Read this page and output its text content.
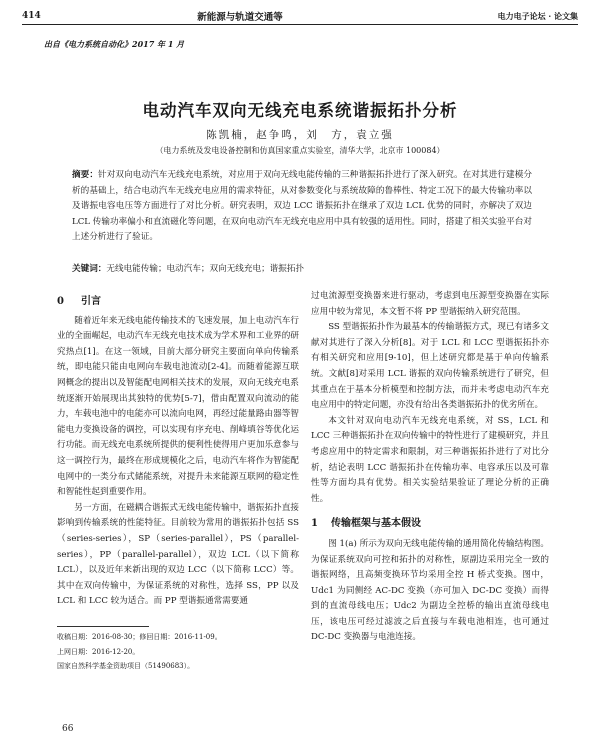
414	新能源与轨道交通等	电力电子论坛 · 论文集
出自《电力系统自动化》2017 年 1 月
电动汽车双向无线充电系统谐振拓扑分析
陈凯楠，赵争鸣，刘　方，袁立强
（电力系统及发电设备控制和仿真国家重点实验室，清华大学，北京市 100084）
摘要：针对双向电动汽车无线充电系统，对应用于双向无线电能传输的三种谐振拓扑进行了深入研究。在对其进行建模分析的基础上，结合电动汽车无线充电应用的需求特征，从对参数变化与系统故障的鲁棒性、特定工况下的最大传输功率以及谐振电容电压等方面进行了对比分析。研究表明，双边 LCC 谐振拓扑在继承了双边 LCL 优势的同时，亦解决了双边 LCL 传输功率偏小和直流磁化等问题，在双向电动汽车无线充电应用中具有较强的适用性。同时，搭建了相关实验平台对上述分析进行了验证。
关键词：无线电能传输；电动汽车；双向无线充电；谐振拓扑
0 引言

随着近年来无线电能传输技术的飞速发展，加上电动汽车行业的全面崛起，电动汽车无线充电技术成为学术界和工业界的研究热点[1]。在这一领域，目前大部分研究主要面向单向传输系统，即电能只能由电网向车载电池流动[2-4]。而随着能源互联网概念的提出以及智能配电网相关技术的发展，双向无线充电系统逐渐开始展现出其独特的优势[5-7]，借由配置双向流动的能力，车载电池中的电能亦可以流向电网，再经过能量路由器等智能电力变换设备的调控，可以实现有序充电、削峰填谷等优化运行功能。而无线充电系统所提供的便利性使得用户更加乐意参与这一调控行为，最终在形成规模化之后，电动汽车将作为智能配电网中的一类分布式储能系统，对提升未来能源互联网的稳定性和智能性起到重要作用。

另一方面，在磁耦合谐振式无线电能传输中，谐振拓扑直接影响到传输系统的性能特征。目前较为常用的谐振拓扑包括 SS（series-series），SP（series-parallel），PS（parallel-series），PP（parallel-parallel），双边 LCL（以下简称 LCL），以及近年来新出现的双边 LCC（以下简称 LCC）等。其中在双向传输中，为保证系统的对称性，选择 SS，PP 以及 LCL 和 LCC 较为适合。而 PP 型谐振通常需要通

过电流源型变换器来进行驱动，考虑到电压源型变换器在实际应用中较为常见，本文暂不将 PP 型谐振纳入研究范围。

SS 型谐振拓扑作为最基本的传输谐振方式，现已有诸多文献对其进行了深入分析[8]。对于 LCL 和 LCC 型谐振拓扑亦有相关研究和应用[9-10]，但上述研究都是基于单向传输系统。文献[8]对采用 LCL 谐振的双向传输系统进行了研究，但其重点在于基本分析模型和控制方法，而并未考虑电动汽车充电应用中的特定问题，亦没有给出各类谐振拓扑的优劣所在。

本文针对双向电动汽车无线充电系统，对 SS，LCL 和 LCC 三种谐振拓扑在双向传输中的特性进行了建模研究，并且考虑应用中的特定需求和限制，对三种谐振拓扑进行了对比分析，结论表明 LCC 谐振拓扑在传输功率、电容承压以及可靠性等方面均具有优势。相关实验结果验证了理论分析的正确性。

1 传输框架与基本假设

图 1(a) 所示为双向无线电能传输的通用简化传输结构图。为保证系统双向可控和拓扑的对称性，原副边采用完全一致的谐振网络，且高频变换环节均采用全控 H 桥式变换。图中，Udc1 为同侧经 AC-DC 变换（亦可加入 DC-DC 变换）而得到的直流母线电压；Udc2 为副边全控桥的输出直流母线电压，该电压可经过滤波之后直接与车载电池相连，也可通过 DC-DC 变换器与电池连接。

收稿日期：2016-08-30；修回日期：2016-11-09。
上网日期：2016-12-20。
国家自然科学基金资助项目（51490683）。
66
